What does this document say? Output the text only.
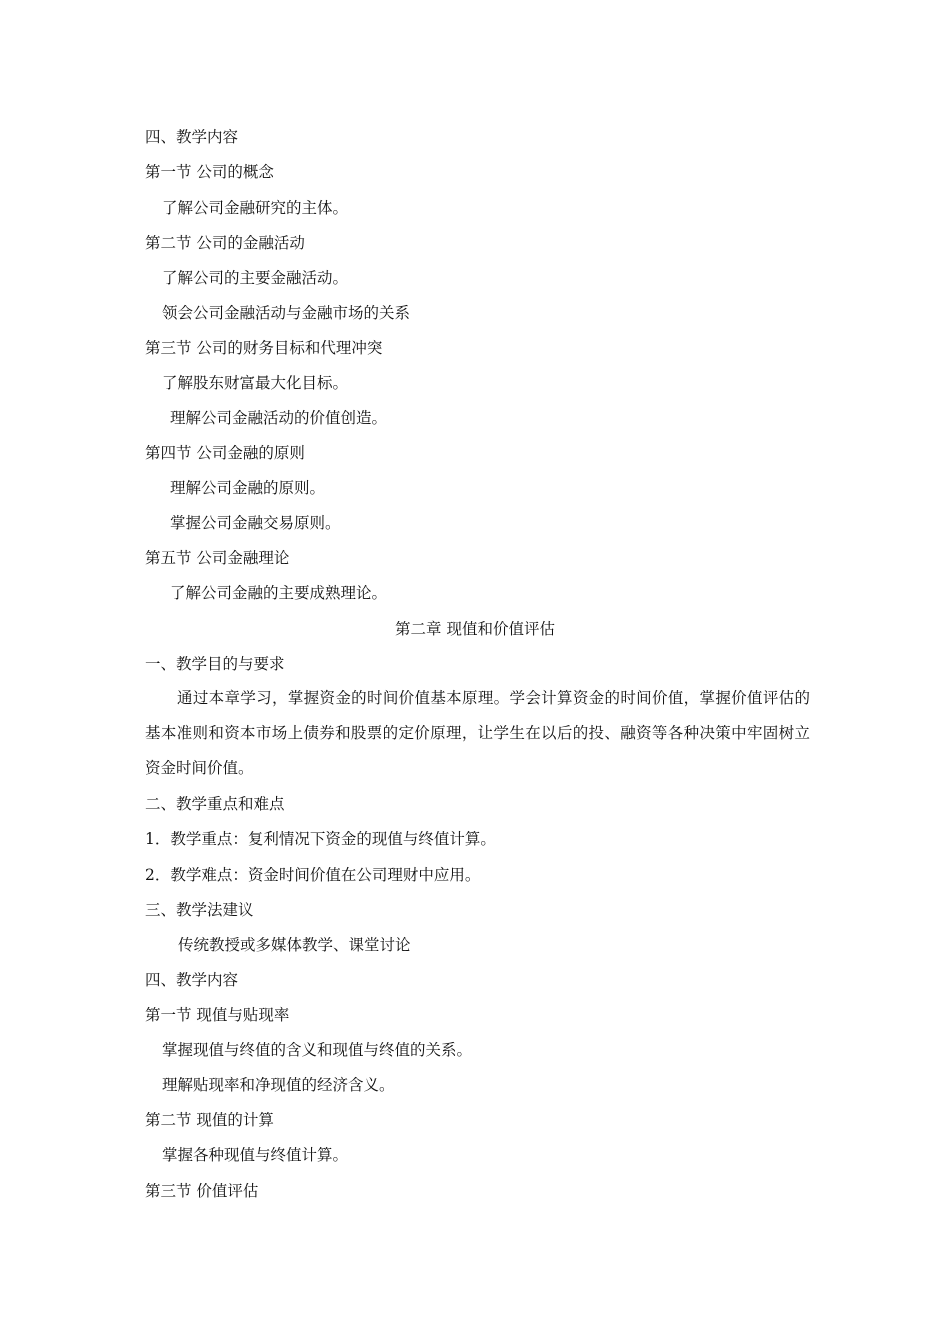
四、教学内容
第一节 公司的概念
了解公司金融研究的主体。
第二节 公司的金融活动
了解公司的主要金融活动。
领会公司金融活动与金融市场的关系
第三节 公司的财务目标和代理冲突
了解股东财富最大化目标。
理解公司金融活动的价值创造。
第四节 公司金融的原则
理解公司金融的原则。
掌握公司金融交易原则。
第五节 公司金融理论
了解公司金融的主要成熟理论。
第二章 现值和价值评估
一、教学目的与要求
通过本章学习，掌握资金的时间价值基本原理。学会计算资金的时间价值，掌握价值评估的基本准则和资本市场上债券和股票的定价原理，让学生在以后的投、融资等各种决策中牢固树立资金时间价值。
二、教学重点和难点
1．教学重点：复利情况下资金的现值与终值计算。
2．教学难点：资金时间价值在公司理财中应用。
三、教学法建议
传统教授或多媒体教学、课堂讨论
四、教学内容
第一节 现值与贴现率
掌握现值与终值的含义和现值与终值的关系。
理解贴现率和净现值的经济含义。
第二节 现值的计算
掌握各种现值与终值计算。
第三节 价值评估
